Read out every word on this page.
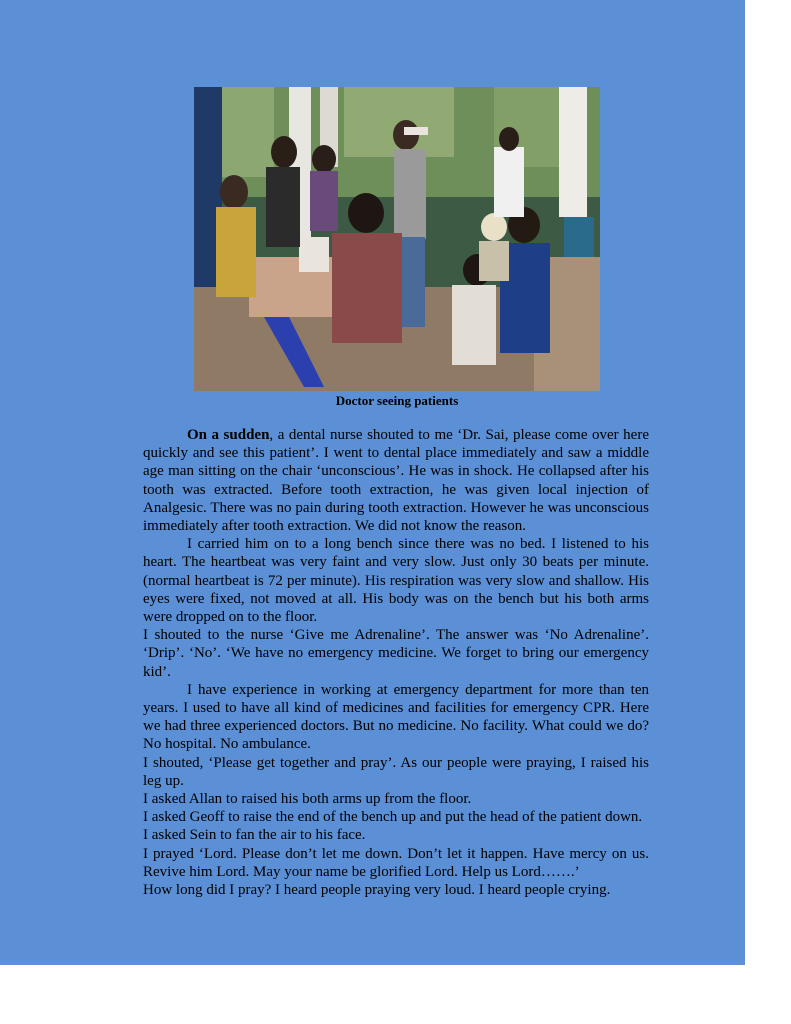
Doctor seeing patients

On a sudden, a dental nurse shouted to me ‘Dr. Sai, please come over here quickly and see this patient’. I went to dental place immediately and saw a middle age man sitting on the chair ‘unconscious’. He was in shock. He collapsed after his tooth was extracted. Before tooth extraction, he was given local injection of Analgesic. There was no pain during tooth extraction. However he was unconscious immediately after tooth extraction. We did not know the reason.

I carried him on to a long bench since there was no bed. I listened to his heart. The heartbeat was very faint and very slow. Just only 30 beats per minute. (normal heartbeat is 72 per minute). His respiration was very slow and shallow. His eyes were fixed, not moved at all. His body was on the bench but his both arms were dropped on to the floor.

I shouted to the nurse ‘Give me Adrenaline’. The answer was ‘No Adrenaline’. ‘Drip’. ‘No’. ‘We have no emergency medicine. We forget to bring our emergency kid’.

I have experience in working at emergency department for more than ten years. I used to have all kind of medicines and facilities for emergency CPR. Here we had three experienced doctors. But no medicine. No facility. What could we do? No hospital. No ambulance.

I shouted, ‘Please get together and pray’. As our people were praying, I raised his leg up.

I asked Allan to raised his both arms up from the floor.

I asked Geoff to raise the end of the bench up and put the head of the patient down.

I asked Sein to fan the air to his face.

I prayed ‘Lord. Please don’t let me down. Don’t let it happen. Have mercy on us. Revive him Lord. May your name be glorified Lord. Help us Lord…….’

How long did I pray? I heard people praying very loud. I heard people crying.
